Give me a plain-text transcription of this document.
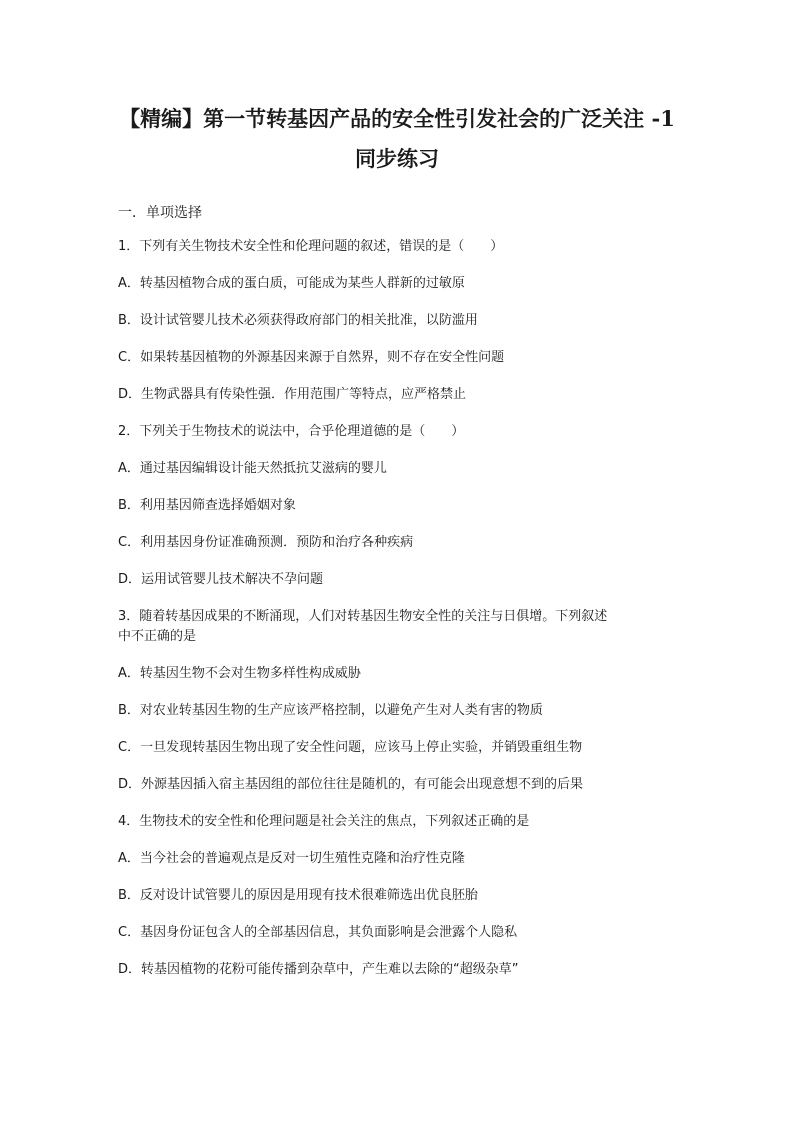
【精编】第一节转基因产品的安全性引发社会的广泛关注 -1
同步练习
一．单项选择

1．下列有关生物技术安全性和伦理问题的叙述，错误的是（　　）

A．转基因植物合成的蛋白质，可能成为某些人群新的过敏原

B．设计试管婴儿技术必须获得政府部门的相关批准，以防滥用

C．如果转基因植物的外源基因来源于自然界，则不存在安全性问题

D．生物武器具有传染性强．作用范围广等特点，应严格禁止

2．下列关于生物技术的说法中，合乎伦理道德的是（　　）

A．通过基因编辑设计能天然抵抗艾滋病的婴儿

B．利用基因筛查选择婚姻对象

C．利用基因身份证准确预测．预防和治疗各种疾病

D．运用试管婴儿技术解决不孕问题

3．随着转基因成果的不断涌现，人们对转基因生物安全性的关注与日俱增。下列叙述

中不正确的是

A．转基因生物不会对生物多样性构成威胁

B．对农业转基因生物的生产应该严格控制，以避免产生对人类有害的物质

C．一旦发现转基因生物出现了安全性问题，应该马上停止实验，并销毁重组生物

D．外源基因插入宿主基因组的部位往往是随机的，有可能会出现意想不到的后果

4．生物技术的安全性和伦理问题是社会关注的焦点，下列叙述正确的是

A．当今社会的普遍观点是反对一切生殖性克隆和治疗性克隆

B．反对设计试管婴儿的原因是用现有技术很难筛选出优良胚胎

C．基因身份证包含人的全部基因信息，其负面影响是会泄露个人隐私

D．转基因植物的花粉可能传播到杂草中，产生难以去除的“超级杂草”
